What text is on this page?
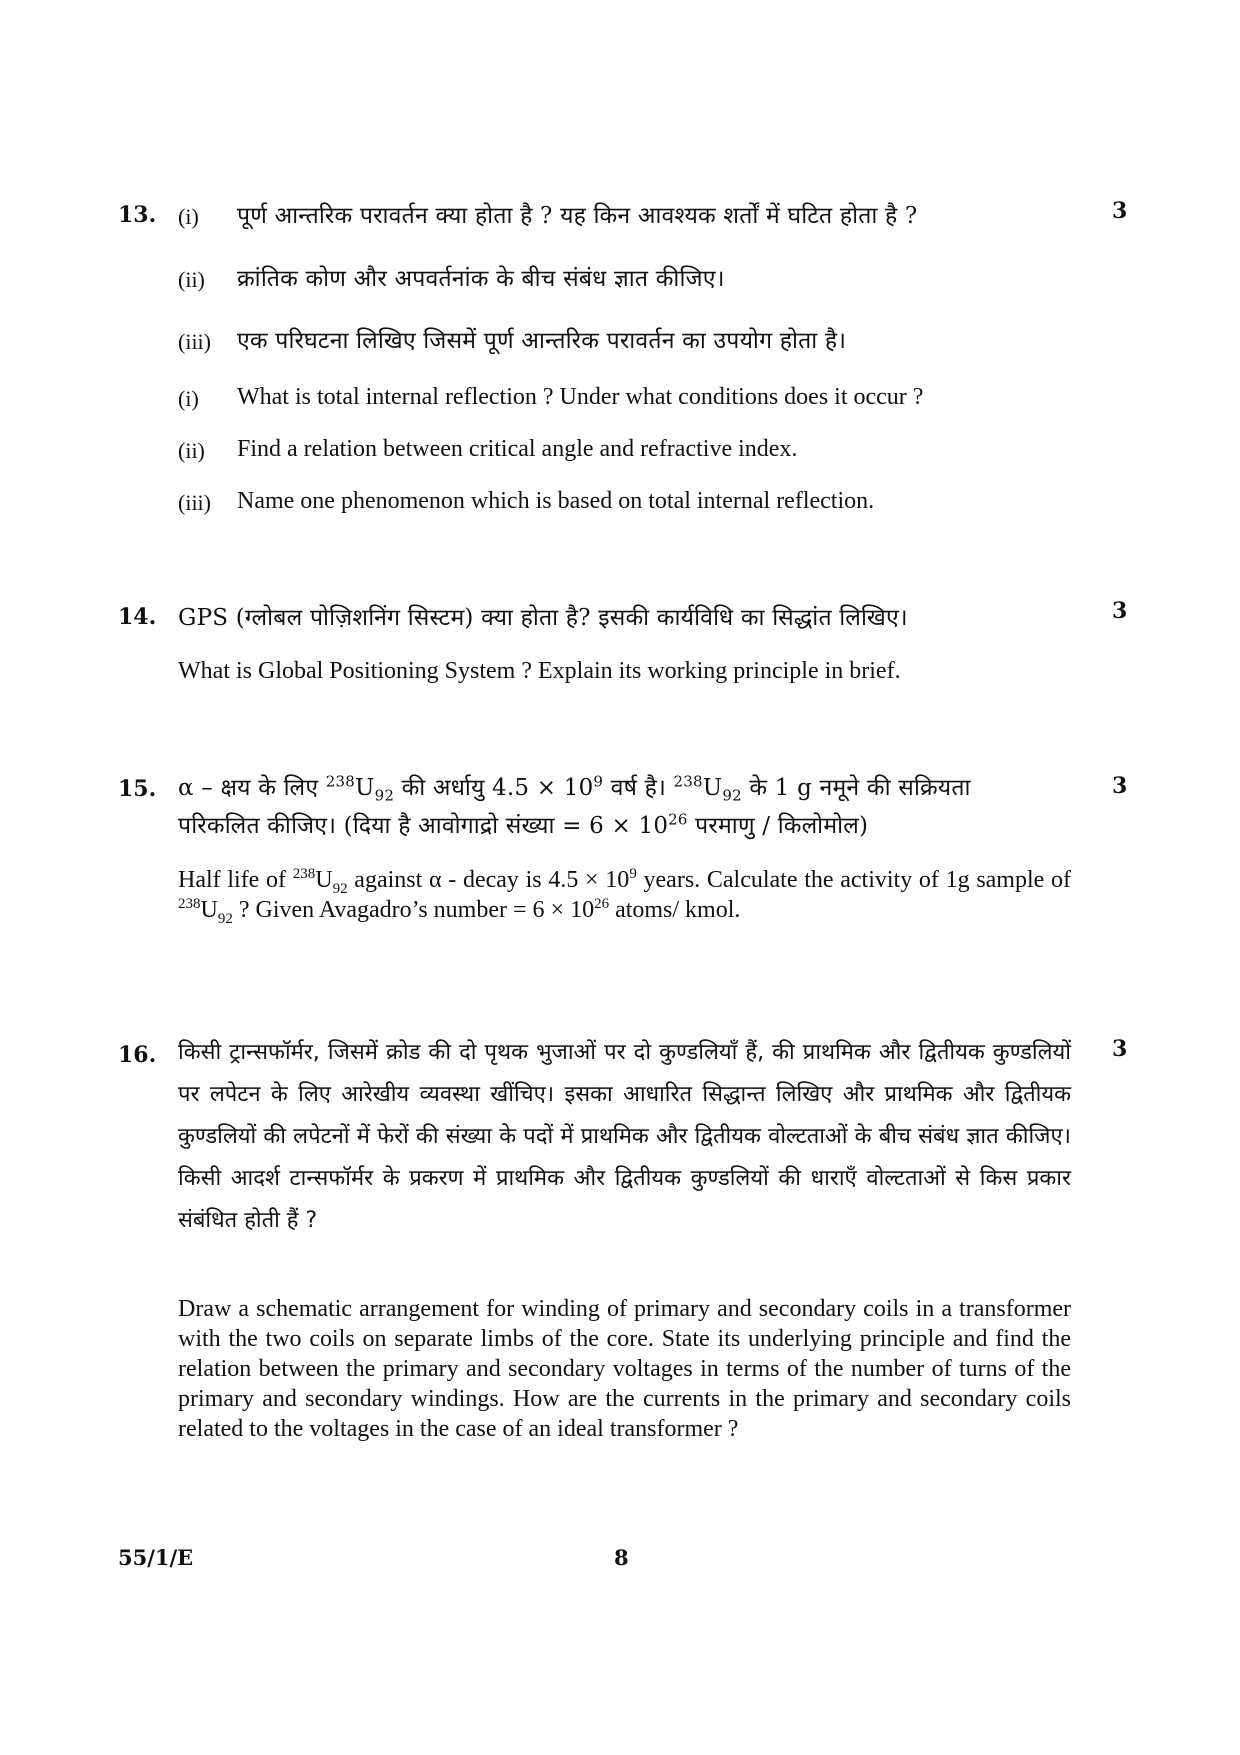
13.	3
(i) पूर्ण आन्तरिक परावर्तन क्या होता है ? यह किन आवश्यक शर्तों में घटित होता है ?
(ii) क्रांतिक कोण और अपवर्तनांक के बीच संबंध ज्ञात कीजिए।
(iii) एक परिघटना लिखिए जिसमें पूर्ण आन्तरिक परावर्तन का उपयोग होता है।
(i) What is total internal reflection ? Under what conditions does it occur ?
(ii) Find a relation between critical angle and refractive index.
(iii) Name one phenomenon which is based on total internal reflection.
14.	3
GPS (ग्लोबल पोज़िशनिंग सिस्टम) क्या होता है? इसकी कार्यविधि का सिद्धांत लिखिए।
What is Global Positioning System ? Explain its working principle in brief.
15.	3
α – क्षय के लिए $^{238}U_{92}$ की अर्धायु $4.5 \times 10^9$ वर्ष है। $^{238}U_{92}$ के 1 g नमूने की सक्रियता
परिकलित कीजिए। (दिया है आवोगाद्रो संख्या = $6 \times 10^{26}$ परमाणु / किलोमोल)
Half life of $^{238}U_{92}$ against α - decay is $4.5 \times 10^9$ years. Calculate the activity of 1g sample of $^{238}U_{92}$ ? Given Avagadro’s number = $6 \times 10^{26}$ atoms/ kmol.
16.	3
किसी ट्रान्सफॉर्मर, जिसमें क्रोड की दो पृथक भुजाओं पर दो कुण्डलियाँ हैं, की प्राथमिक और द्वितीयक कुण्डलियों पर लपेटन के लिए आरेखीय व्यवस्था खींचिए। इसका आधारित सिद्धान्त लिखिए और प्राथमिक और द्वितीयक कुण्डलियों की लपेटनों में फेरों की संख्या के पदों में प्राथमिक और द्वितीयक वोल्टताओं के बीच संबंध ज्ञात कीजिए। किसी आदर्श टान्सफॉर्मर के प्रकरण में प्राथमिक और द्वितीयक कुण्डलियों की धाराएँ वोल्टताओं से किस प्रकार संबंधित होती हैं ?
Draw a schematic arrangement for winding of primary and secondary coils in a transformer with the two coils on separate limbs of the core. State its underlying principle and find the relation between the primary and secondary voltages in terms of the number of turns of the primary and secondary windings. How are the currents in the primary and secondary coils related to the voltages in the case of an ideal transformer ?
55/1/E	8
